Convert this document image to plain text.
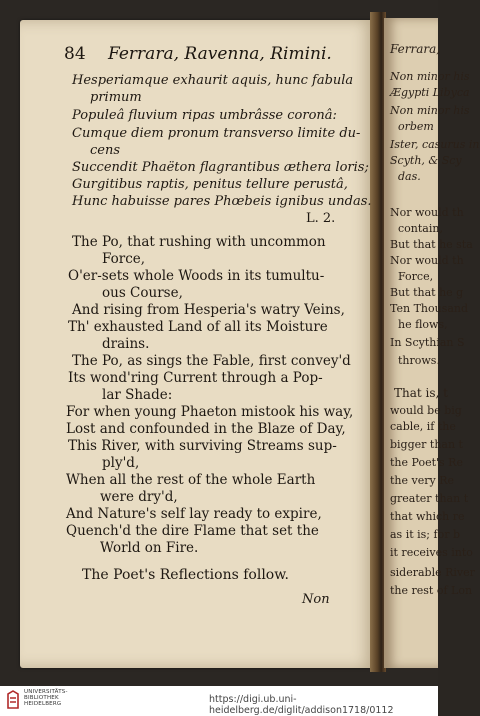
Ferrara,
Non minor his
Ægypti Libyca
Non minor his
orbem
Ister, casurus in
Scyth, & Scy
das.
Nor would th
contain,
But that he sta
Nor would th
Force,
But that he g
Ten Thousand
he flows,
In Scythian S
throws.
That is, t
would be big
cable, if the
bigger than t
the Poet's Re
the very Re
greater than t
that which re
as it is; for b
it receives into
siderable River
the rest of Lon
84 Ferrara, Ravenna, Rimini.
Hesperiamque exhaurit aquis, hunc fabula
primum
Populeâ fluvium ripas umbrâsse coronâ:
Cumque diem pronum transverso limite du-
cens
Succendit Phaëton flagrantibus æthera loris;
Gurgitibus raptis, penitus tellure perustâ,
Hunc habuisse pares Phœbeis ignibus undas.
L. 2.
The Po, that rushing with uncommon
Force,
O'er-sets whole Woods in its tumultu-
ous Course,
And rising from Hesperia's watry Veins,
Th' exhausted Land of all its Moisture
drains.
The Po, as sings the Fable, first convey'd
Its wond'ring Current through a Pop-
lar Shade:
For when young Phaeton mistook his way,
Lost and confounded in the Blaze of Day,
This River, with surviving Streams sup-
ply'd,
When all the rest of the whole Earth
were dry'd,
And Nature's self lay ready to expire,
Quench'd the dire Flame that set the
World on Fire.
The Poet's Reflections follow.
Non
UNIVERSITÄTS-
BIBLIOTHEK
HEIDELBERG	https://digi.ub.uni-heidelberg.de/diglit/addison1718/0112
